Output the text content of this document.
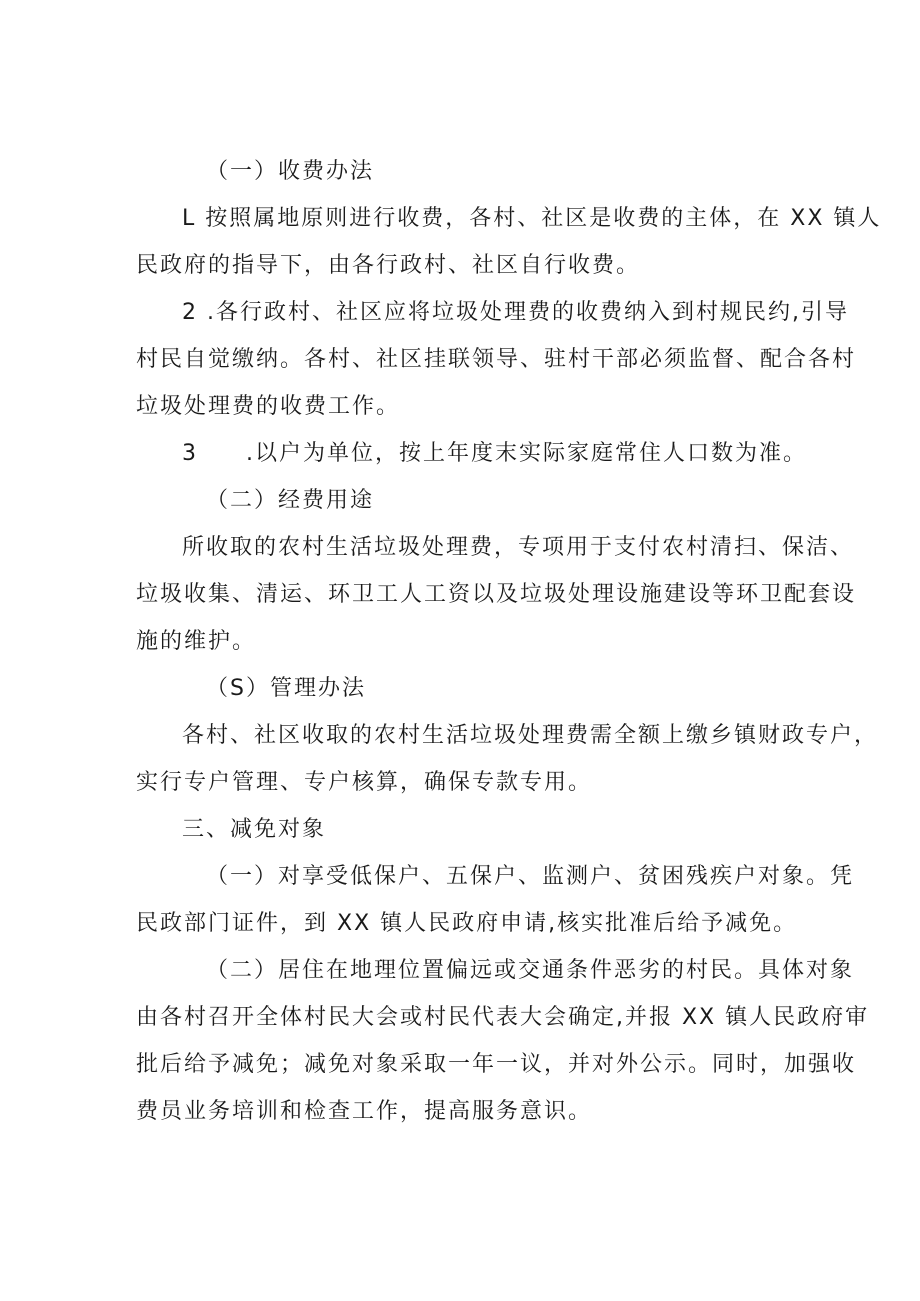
（一）收费办法
L 按照属地原则进行收费，各村、社区是收费的主体，在 XX 镇人
民政府的指导下，由各行政村、社区自行收费。
2 .各行政村、社区应将垃圾处理费的收费纳入到村规民约,引导
村民自觉缴纳。各村、社区挂联领导、驻村干部必须监督、配合各村
垃圾处理费的收费工作。
3　　.以户为单位，按上年度末实际家庭常住人口数为准。
（二）经费用途
所收取的农村生活垃圾处理费，专项用于支付农村清扫、保洁、
垃圾收集、清运、环卫工人工资以及垃圾处理设施建设等环卫配套设
施的维护。
（S）管理办法
各村、社区收取的农村生活垃圾处理费需全额上缴乡镇财政专户，
实行专户管理、专户核算，确保专款专用。
三、减免对象
（一）对享受低保户、五保户、监测户、贫困残疾户对象。凭
民政部门证件，到 XX 镇人民政府申请,核实批准后给予减免。
（二）居住在地理位置偏远或交通条件恶劣的村民。具体对象
由各村召开全体村民大会或村民代表大会确定,并报 XX 镇人民政府审
批后给予减免；减免对象采取一年一议，并对外公示。同时，加强收
费员业务培训和检查工作，提高服务意识。
